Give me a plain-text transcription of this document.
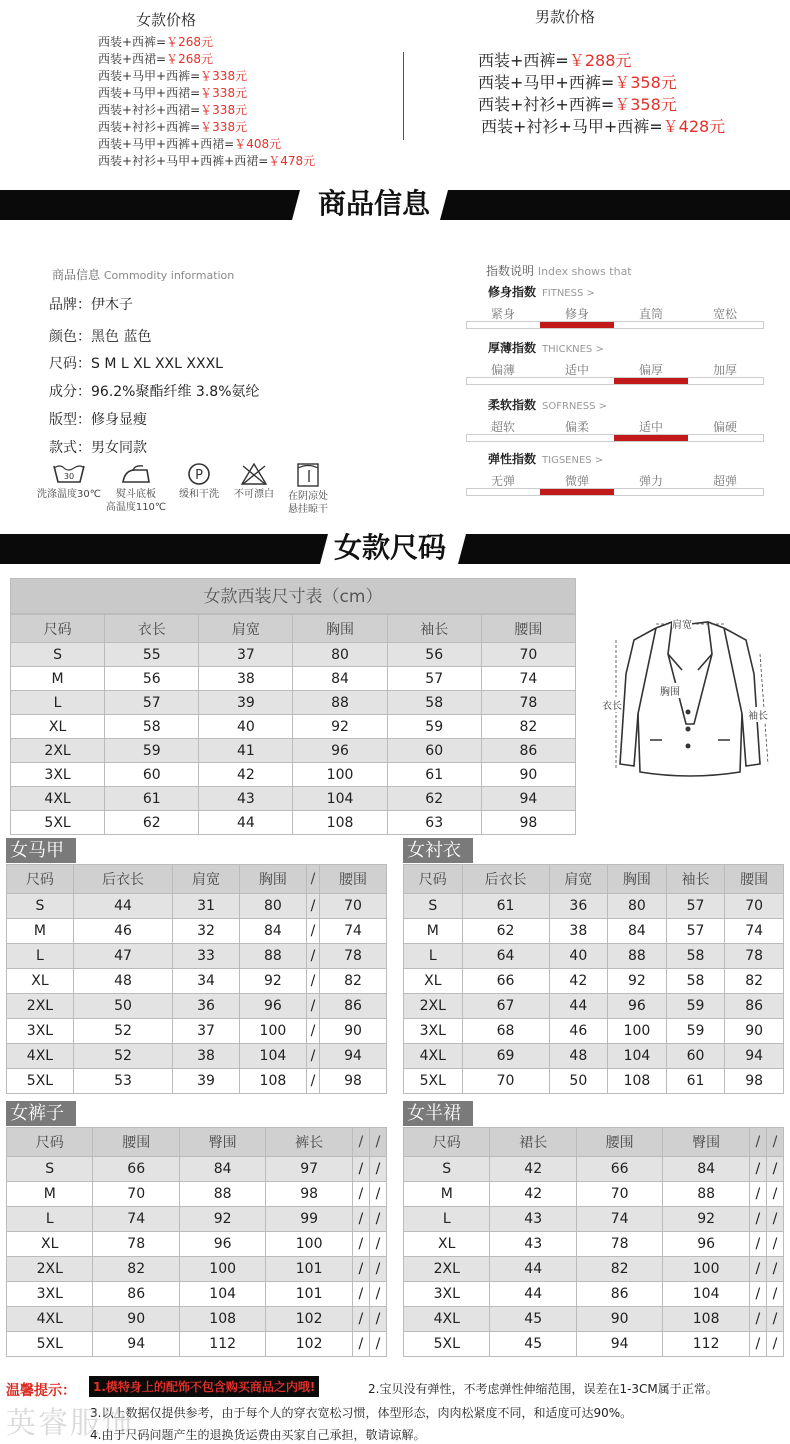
女款价格
西装+西裤=￥268元
西装+西裙=￥268元
西装+马甲+西裤=￥338元
西装+马甲+西裙=￥338元
西装+衬衫+西裙=￥338元
西装+衬衫+西裤=￥338元
西装+马甲+西裤+西裙=￥408元
西装+衬衫+马甲+西裤+西裙=￥478元
男款价格
西装+西裤=￥288元
西装+马甲+西裤=￥358元
西装+衬衫+西裤=￥358元
西装+衬衫+马甲+西裤=￥428元
商品信息
商品信息 Commodity information
品牌：伊木子
颜色：黑色 蓝色
尺码：S M L XL XXL XXXL
成分：96.2%聚酯纤维 3.8%氨纶
版型：修身显瘦
款式：男女同款
30
洗涤温度30℃	熨斗底板
高温度110℃
P
缓和干洗	不可漂白	在阴凉处
悬挂晾干
指数说明 Index shows that
修身指数 FITNESS >
紧身	修身	直筒	宽松
厚薄指数 THICKNES >
偏薄	适中	偏厚	加厚
柔软指数 SOFRNESS >
超软	偏柔	适中	偏硬
弹性指数 TIGSENES >
无弹	微弹	弹力	超弹
女款尺码
女款西装尺寸表（cm）
尺码	衣长	肩宽	胸围	袖长	腰围
S	55	37	80	56	70
M	56	38	84	57	74
L	57	39	88	58	78
XL	58	40	92	59	82
2XL	59	41	96	60	86
3XL	60	42	100	61	90
4XL	61	43	104	62	94
5XL	62	44	108	63	98
肩宽
胸围
衣长
袖长
女马甲
尺码	后衣长	肩宽	胸围	/	腰围
S	44	31	80	/	70
M	46	32	84	/	74
L	47	33	88	/	78
XL	48	34	92	/	82
2XL	50	36	96	/	86
3XL	52	37	100	/	90
4XL	52	38	104	/	94
5XL	53	39	108	/	98
女衬衣
尺码	后衣长	肩宽	胸围	袖长	腰围
S	61	36	80	57	70
M	62	38	84	57	74
L	64	40	88	58	78
XL	66	42	92	58	82
2XL	67	44	96	59	86
3XL	68	46	100	59	90
4XL	69	48	104	60	94
5XL	70	50	108	61	98
女裤子
尺码	腰围	臀围	裤长	/	/
S	66	84	97	/	/
M	70	88	98	/	/
L	74	92	99	/	/
XL	78	96	100	/	/
2XL	82	100	101	/	/
3XL	86	104	101	/	/
4XL	90	108	102	/	/
5XL	94	112	102	/	/
女半裙
尺码	裙长	腰围	臀围	/	/
S	42	66	84	/	/
M	42	70	88	/	/
L	43	74	92	/	/
XL	43	78	96	/	/
2XL	44	82	100	/	/
3XL	44	86	104	/	/
4XL	45	90	108	/	/
5XL	45	94	112	/	/
温馨提示：	1.模特身上的配饰不包含购买商品之内哦!	2.宝贝没有弹性，不考虑弹性伸缩范围，误差在1-3CM属于正常。
3.以上数据仅提供参考，由于每个人的穿衣宽松习惯，体型形态，肉肉松紧度不同，和适度可达90%。
4.由于尺码问题产生的退换货运费由买家自己承担，敬请谅解。
英睿服饰
